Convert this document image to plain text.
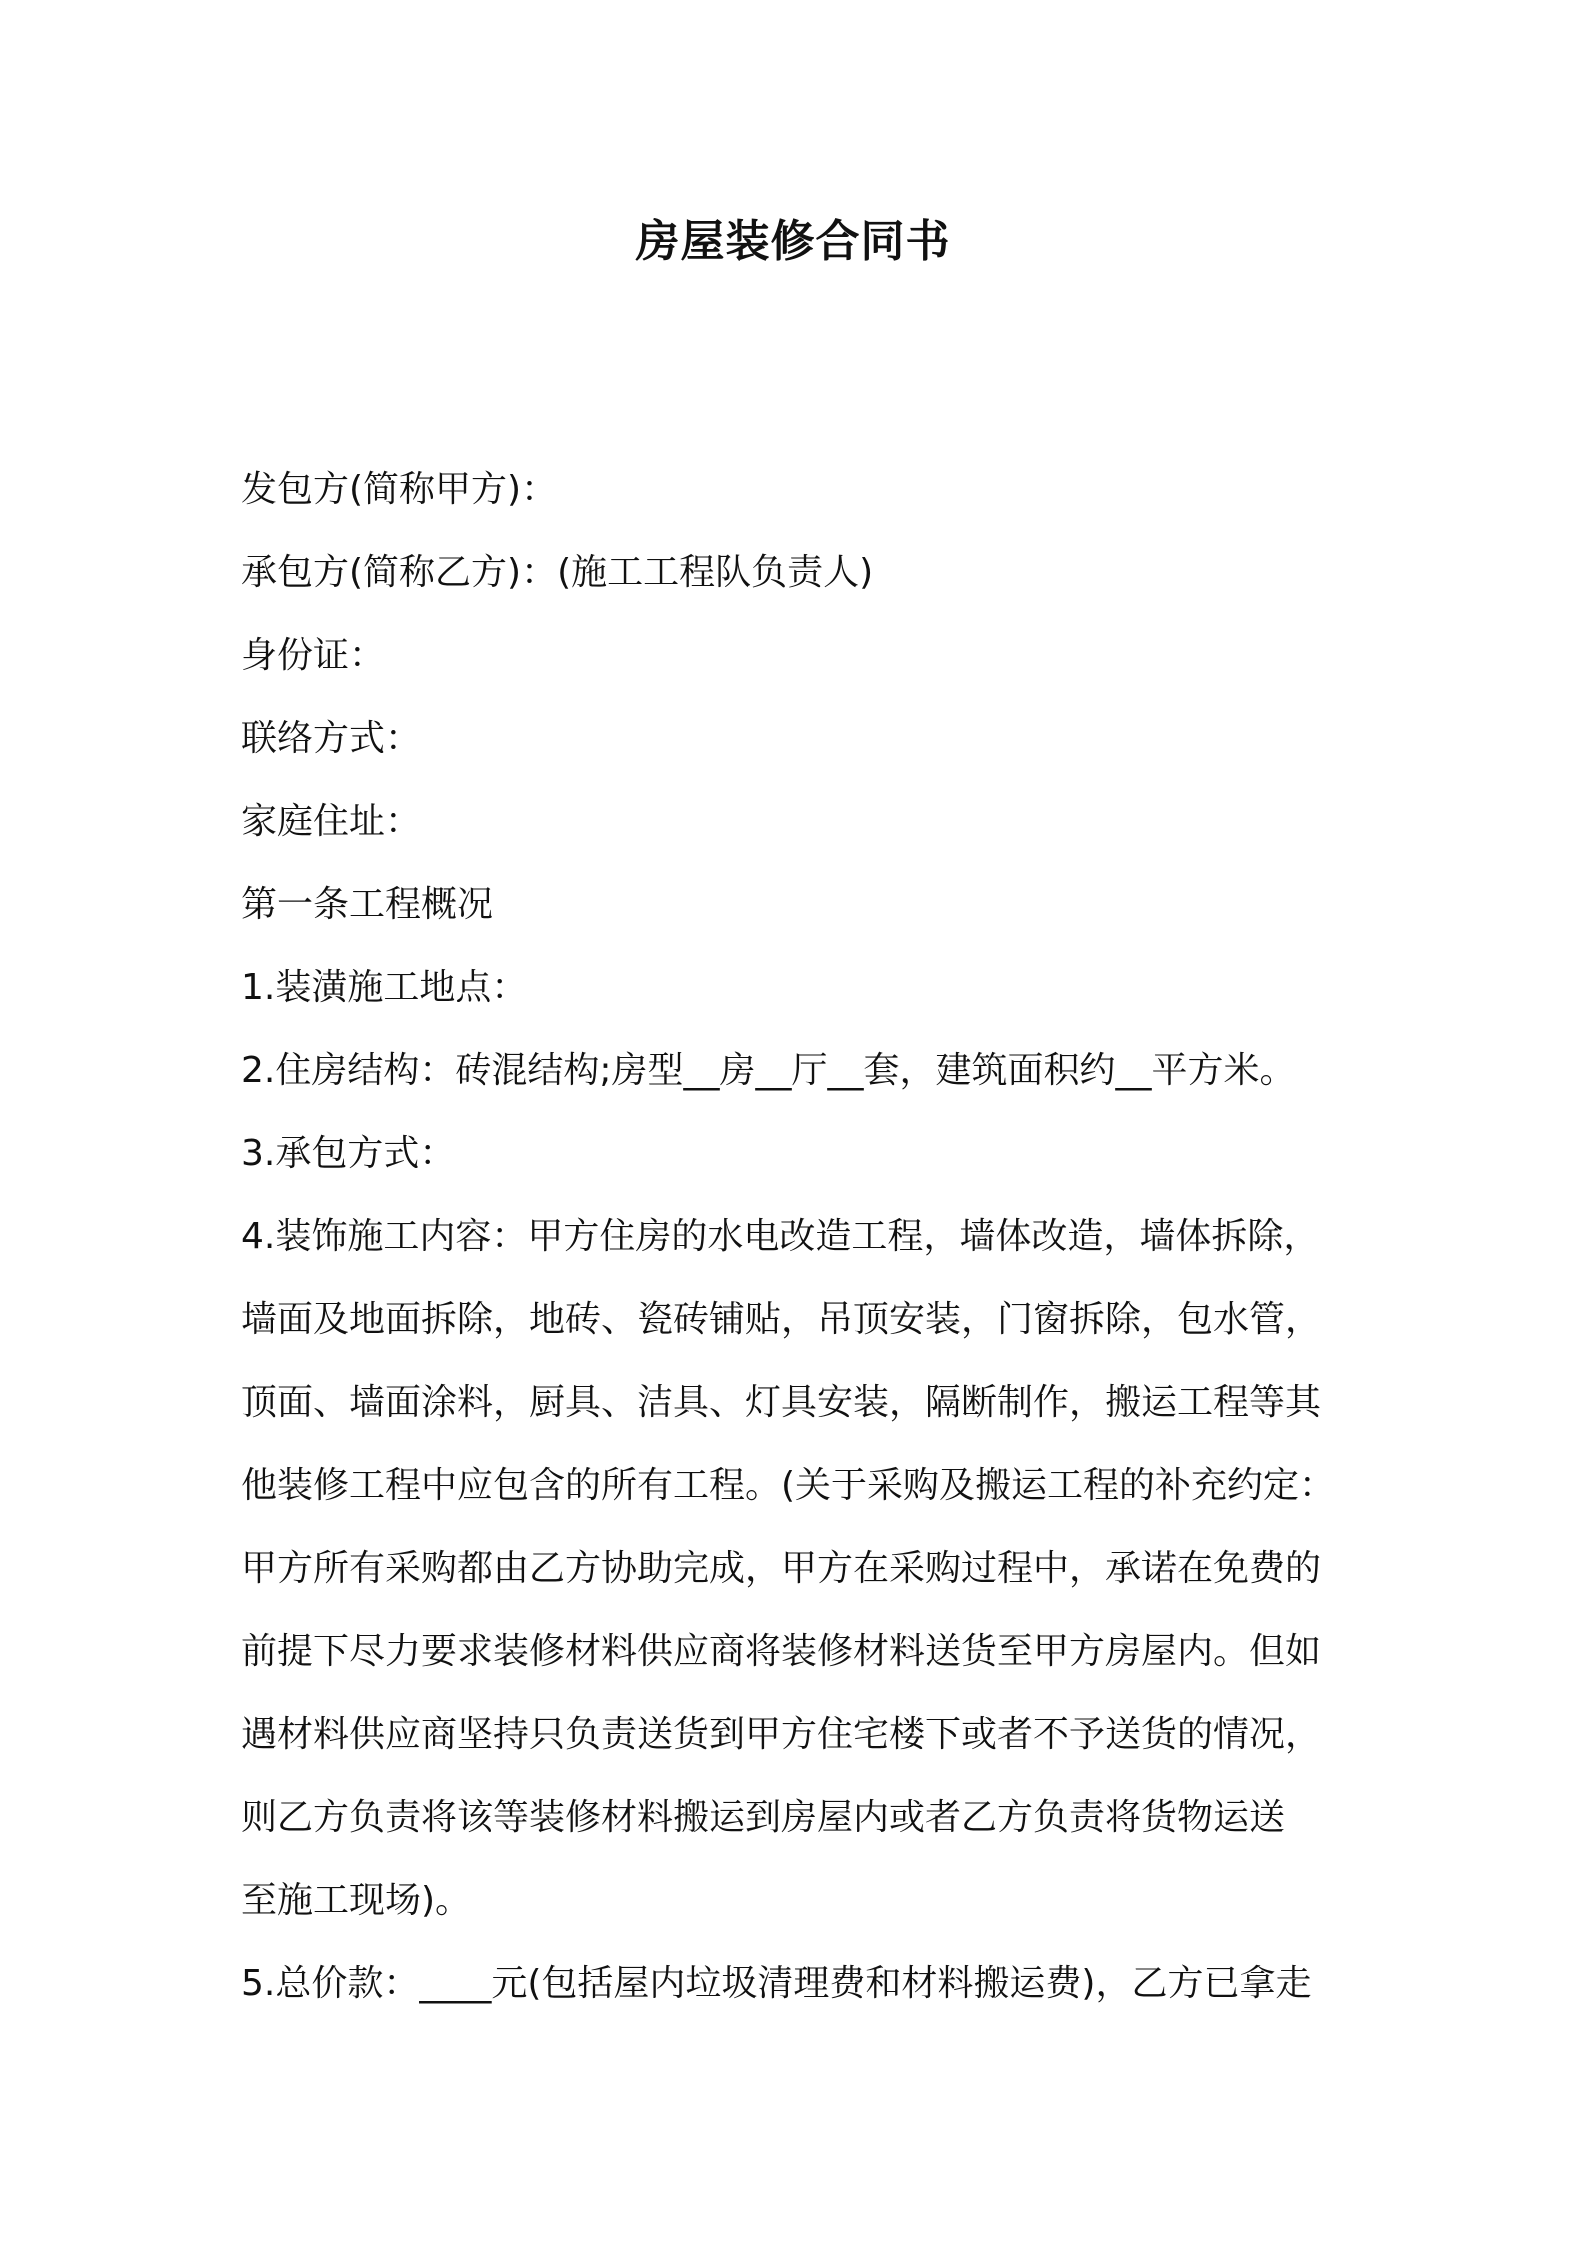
房屋装修合同书
发包方(简称甲方)：
承包方(简称乙方)：(施工工程队负责人)
身份证：
联络方式：
家庭住址：
第一条工程概况
1.装潢施工地点：
2.住房结构：砖混结构;房型__房__厅__套，建筑面积约__平方米。
3.承包方式：
4.装饰施工内容：甲方住房的水电改造工程，墙体改造，墙体拆除，
墙面及地面拆除，地砖、瓷砖铺贴，吊顶安装，门窗拆除，包水管，
顶面、墙面涂料，厨具、洁具、灯具安装，隔断制作，搬运工程等其
他装修工程中应包含的所有工程。(关于采购及搬运工程的补充约定：
甲方所有采购都由乙方协助完成，甲方在采购过程中，承诺在免费的
前提下尽力要求装修材料供应商将装修材料送货至甲方房屋内。但如
遇材料供应商坚持只负责送货到甲方住宅楼下或者不予送货的情况，
则乙方负责将该等装修材料搬运到房屋内或者乙方负责将货物运送
至施工现场)。
5.总价款：____元(包括屋内垃圾清理费和材料搬运费)，乙方已拿走
